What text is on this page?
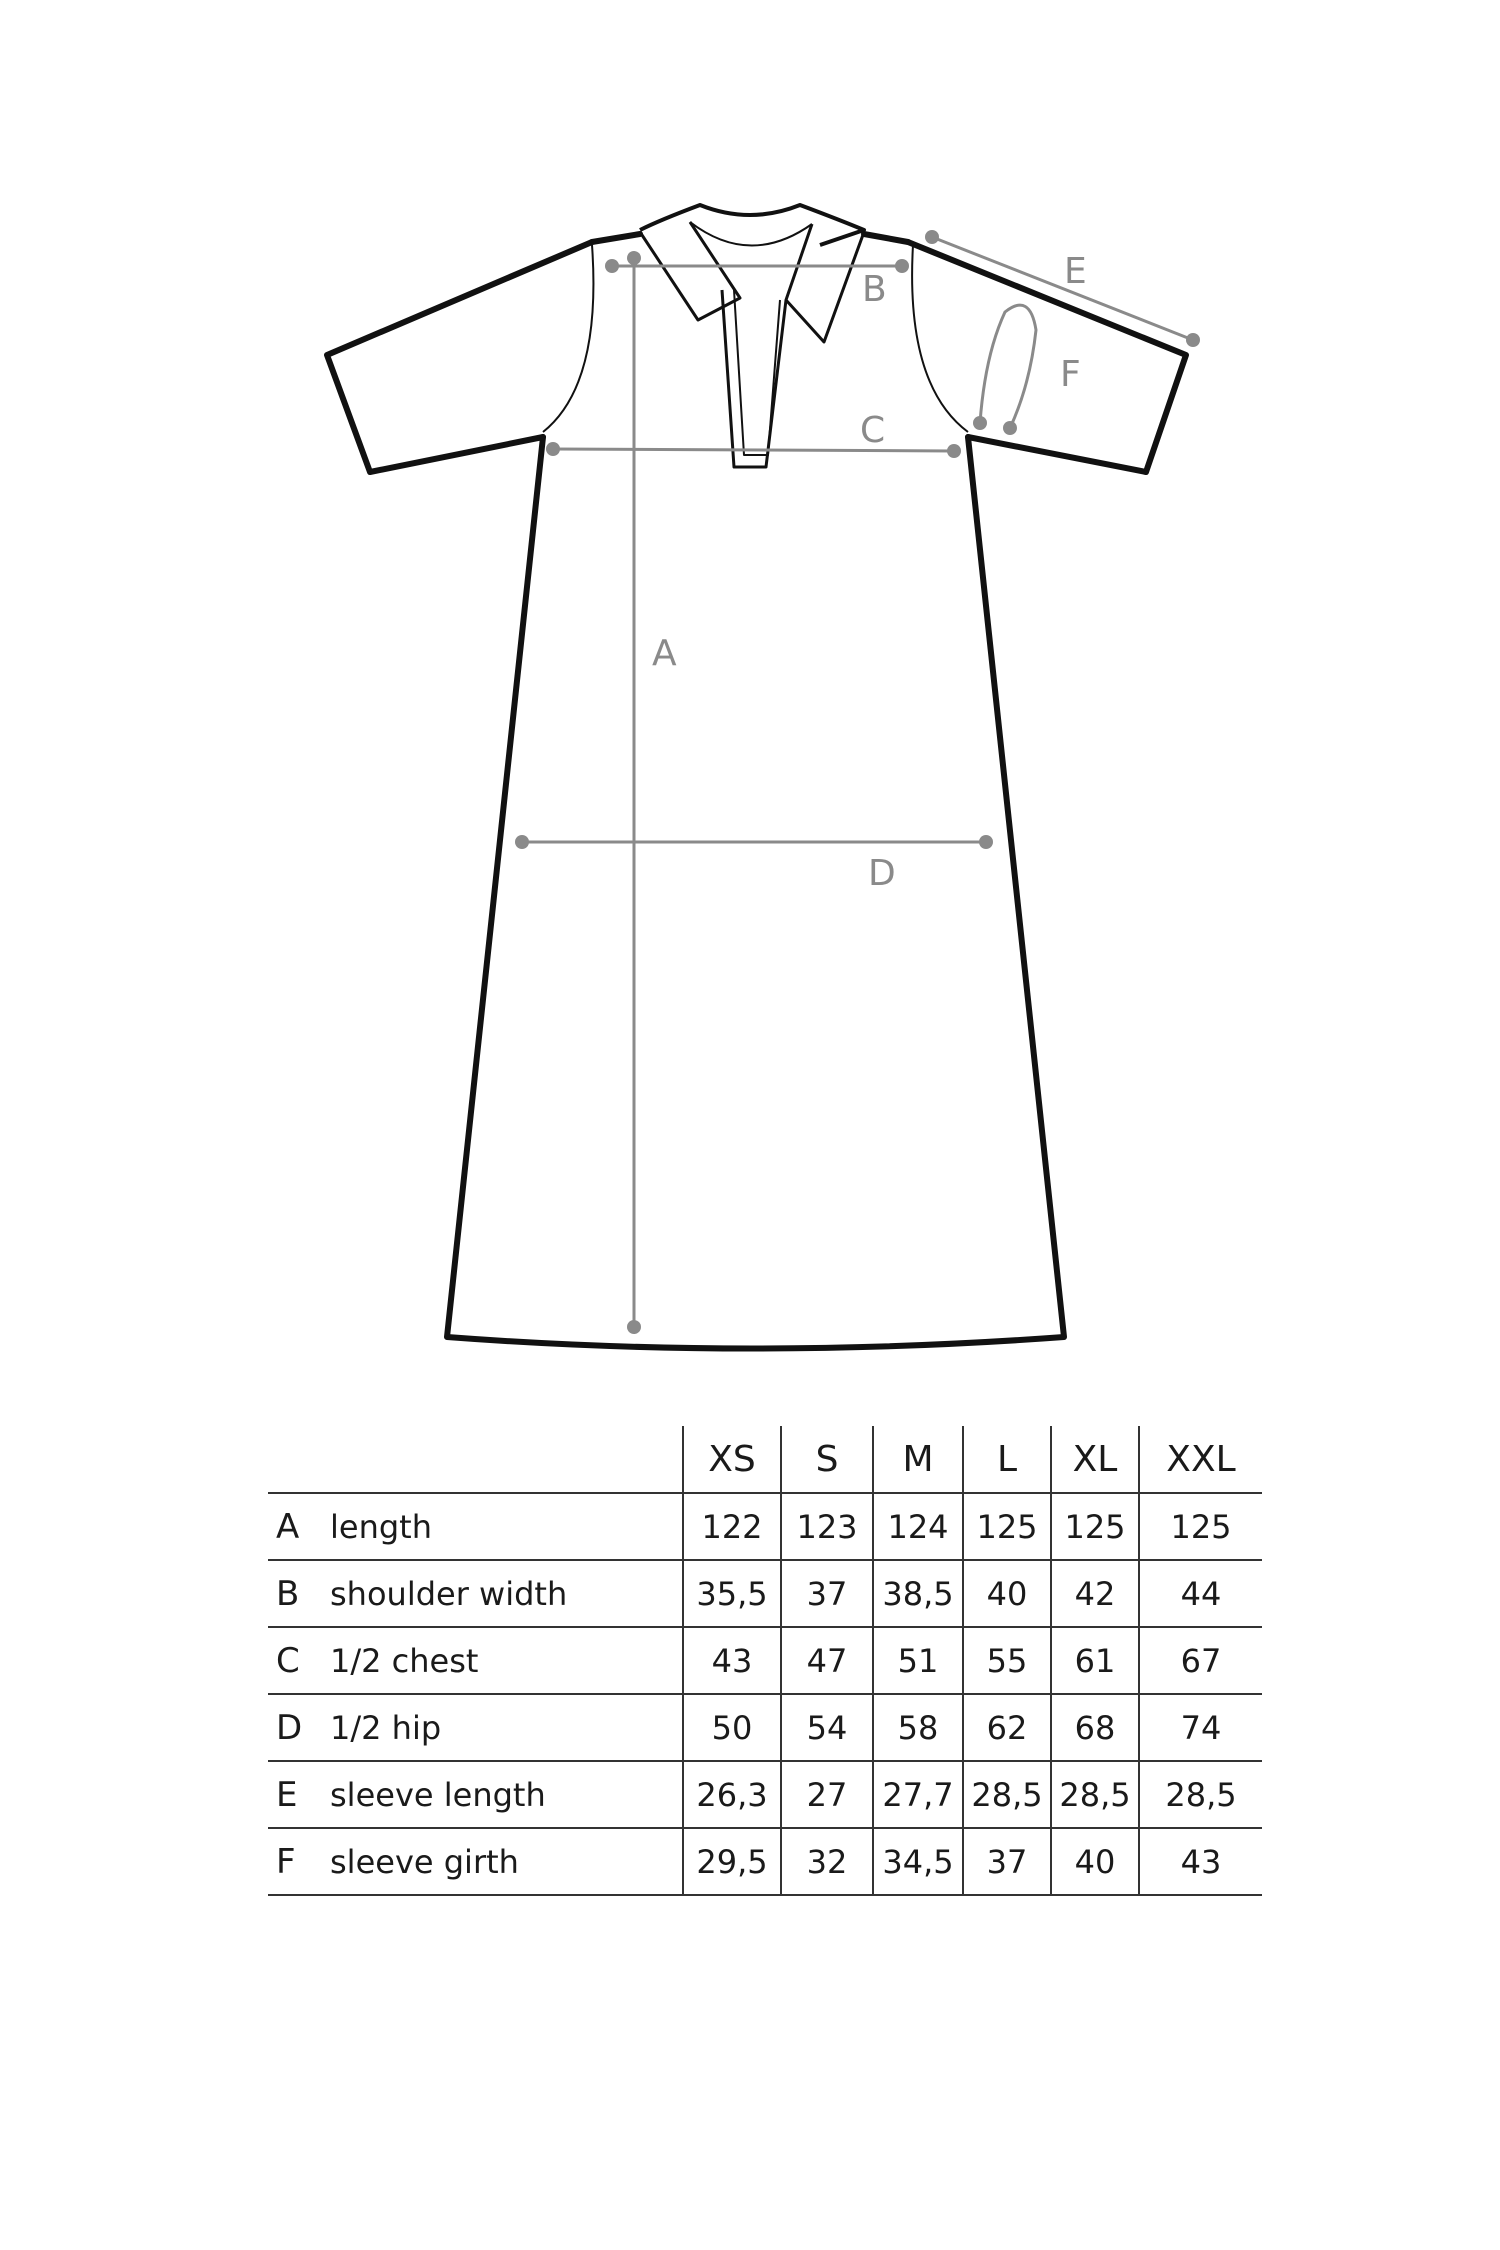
A
B
C
D
E
F
		XS	S	M	L	XL	XXL
A	length	122	123	124	125	125	125
B	shoulder width	35,5	37	38,5	40	42	44
C	1/2 chest	43	47	51	55	61	67
D	1/2 hip	50	54	58	62	68	74
E	sleeve length	26,3	27	27,7	28,5	28,5	28,5
F	sleeve girth	29,5	32	34,5	37	40	43
